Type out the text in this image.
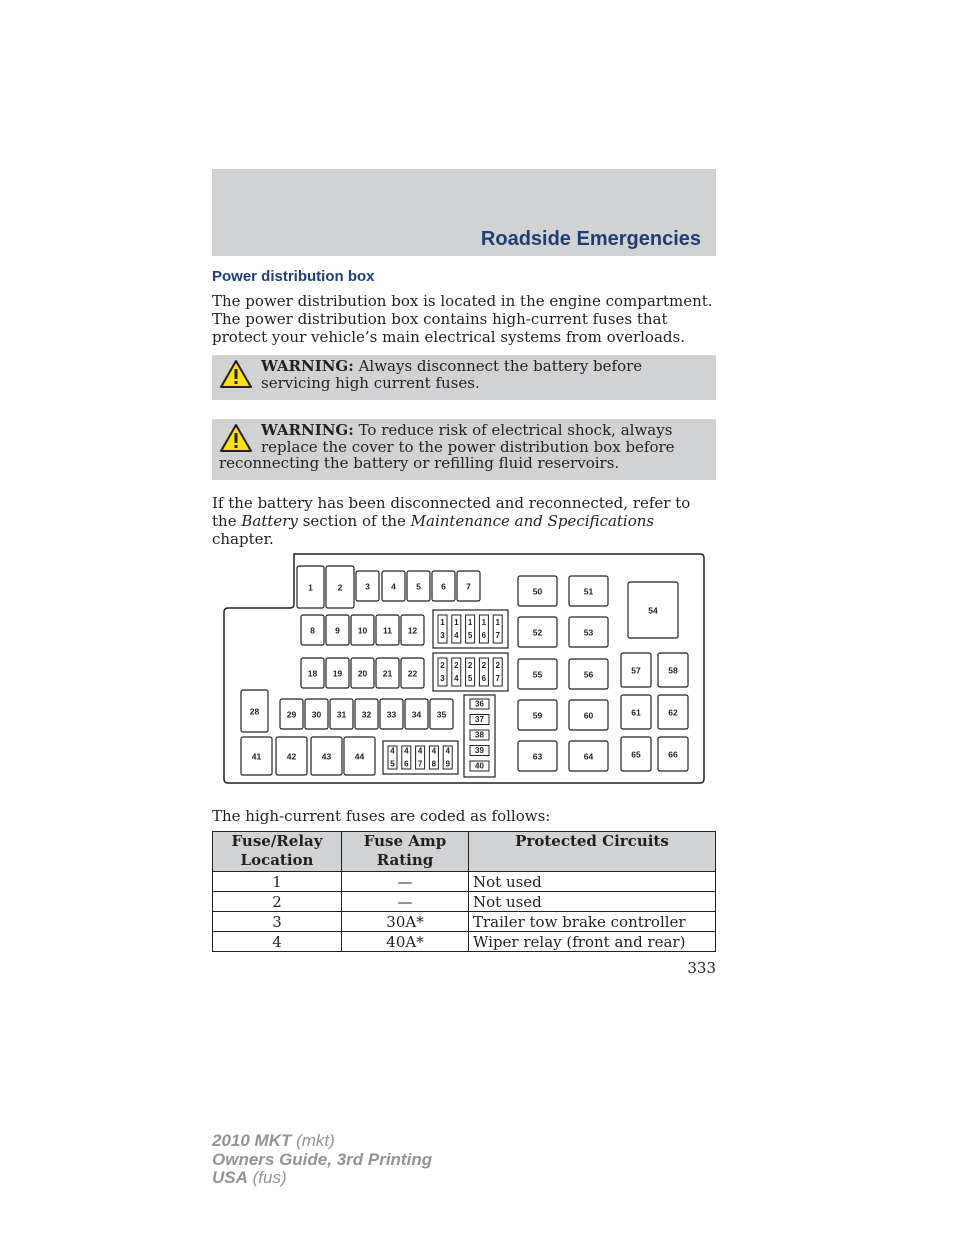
Roadside Emergencies
Power distribution box
The power distribution box is located in the engine compartment. The power distribution box contains high-current fuses that protect your vehicle’s main electrical systems from overloads.
WARNING: Always disconnect the battery before servicing high current fuses.
WARNING: To reduce risk of electrical shock, always replace the cover to the power distribution box before reconnecting the battery or refilling fluid reservoirs.
If the battery has been disconnected and reconnected, refer to the Battery section of the Maintenance and Specifications chapter.
1	2	3	4 5 6 7
8 9 10 11 12
18 19 20 21 22
28	29 30 31 32 33 34 35
41	42	43	44
1
3
1
4
1
5
1
6
1
7
2
3
2
4
2
5
2
6
2
7
4
5
4
6
4
7
4
8
4
9
36
37
38
39
40
50	51
52	53
55	56
59	60
63	64
54
57	58
61	62
65	66
The high-current fuses are coded as follows:
Fuse/Relay Location	Fuse Amp Rating	Protected Circuits
1	—	Not used
2	—	Not used
3	30A*	Trailer tow brake controller
4	40A*	Wiper relay (front and rear)
333
2010 MKT (mkt)
Owners Guide, 3rd Printing
USA (fus)
